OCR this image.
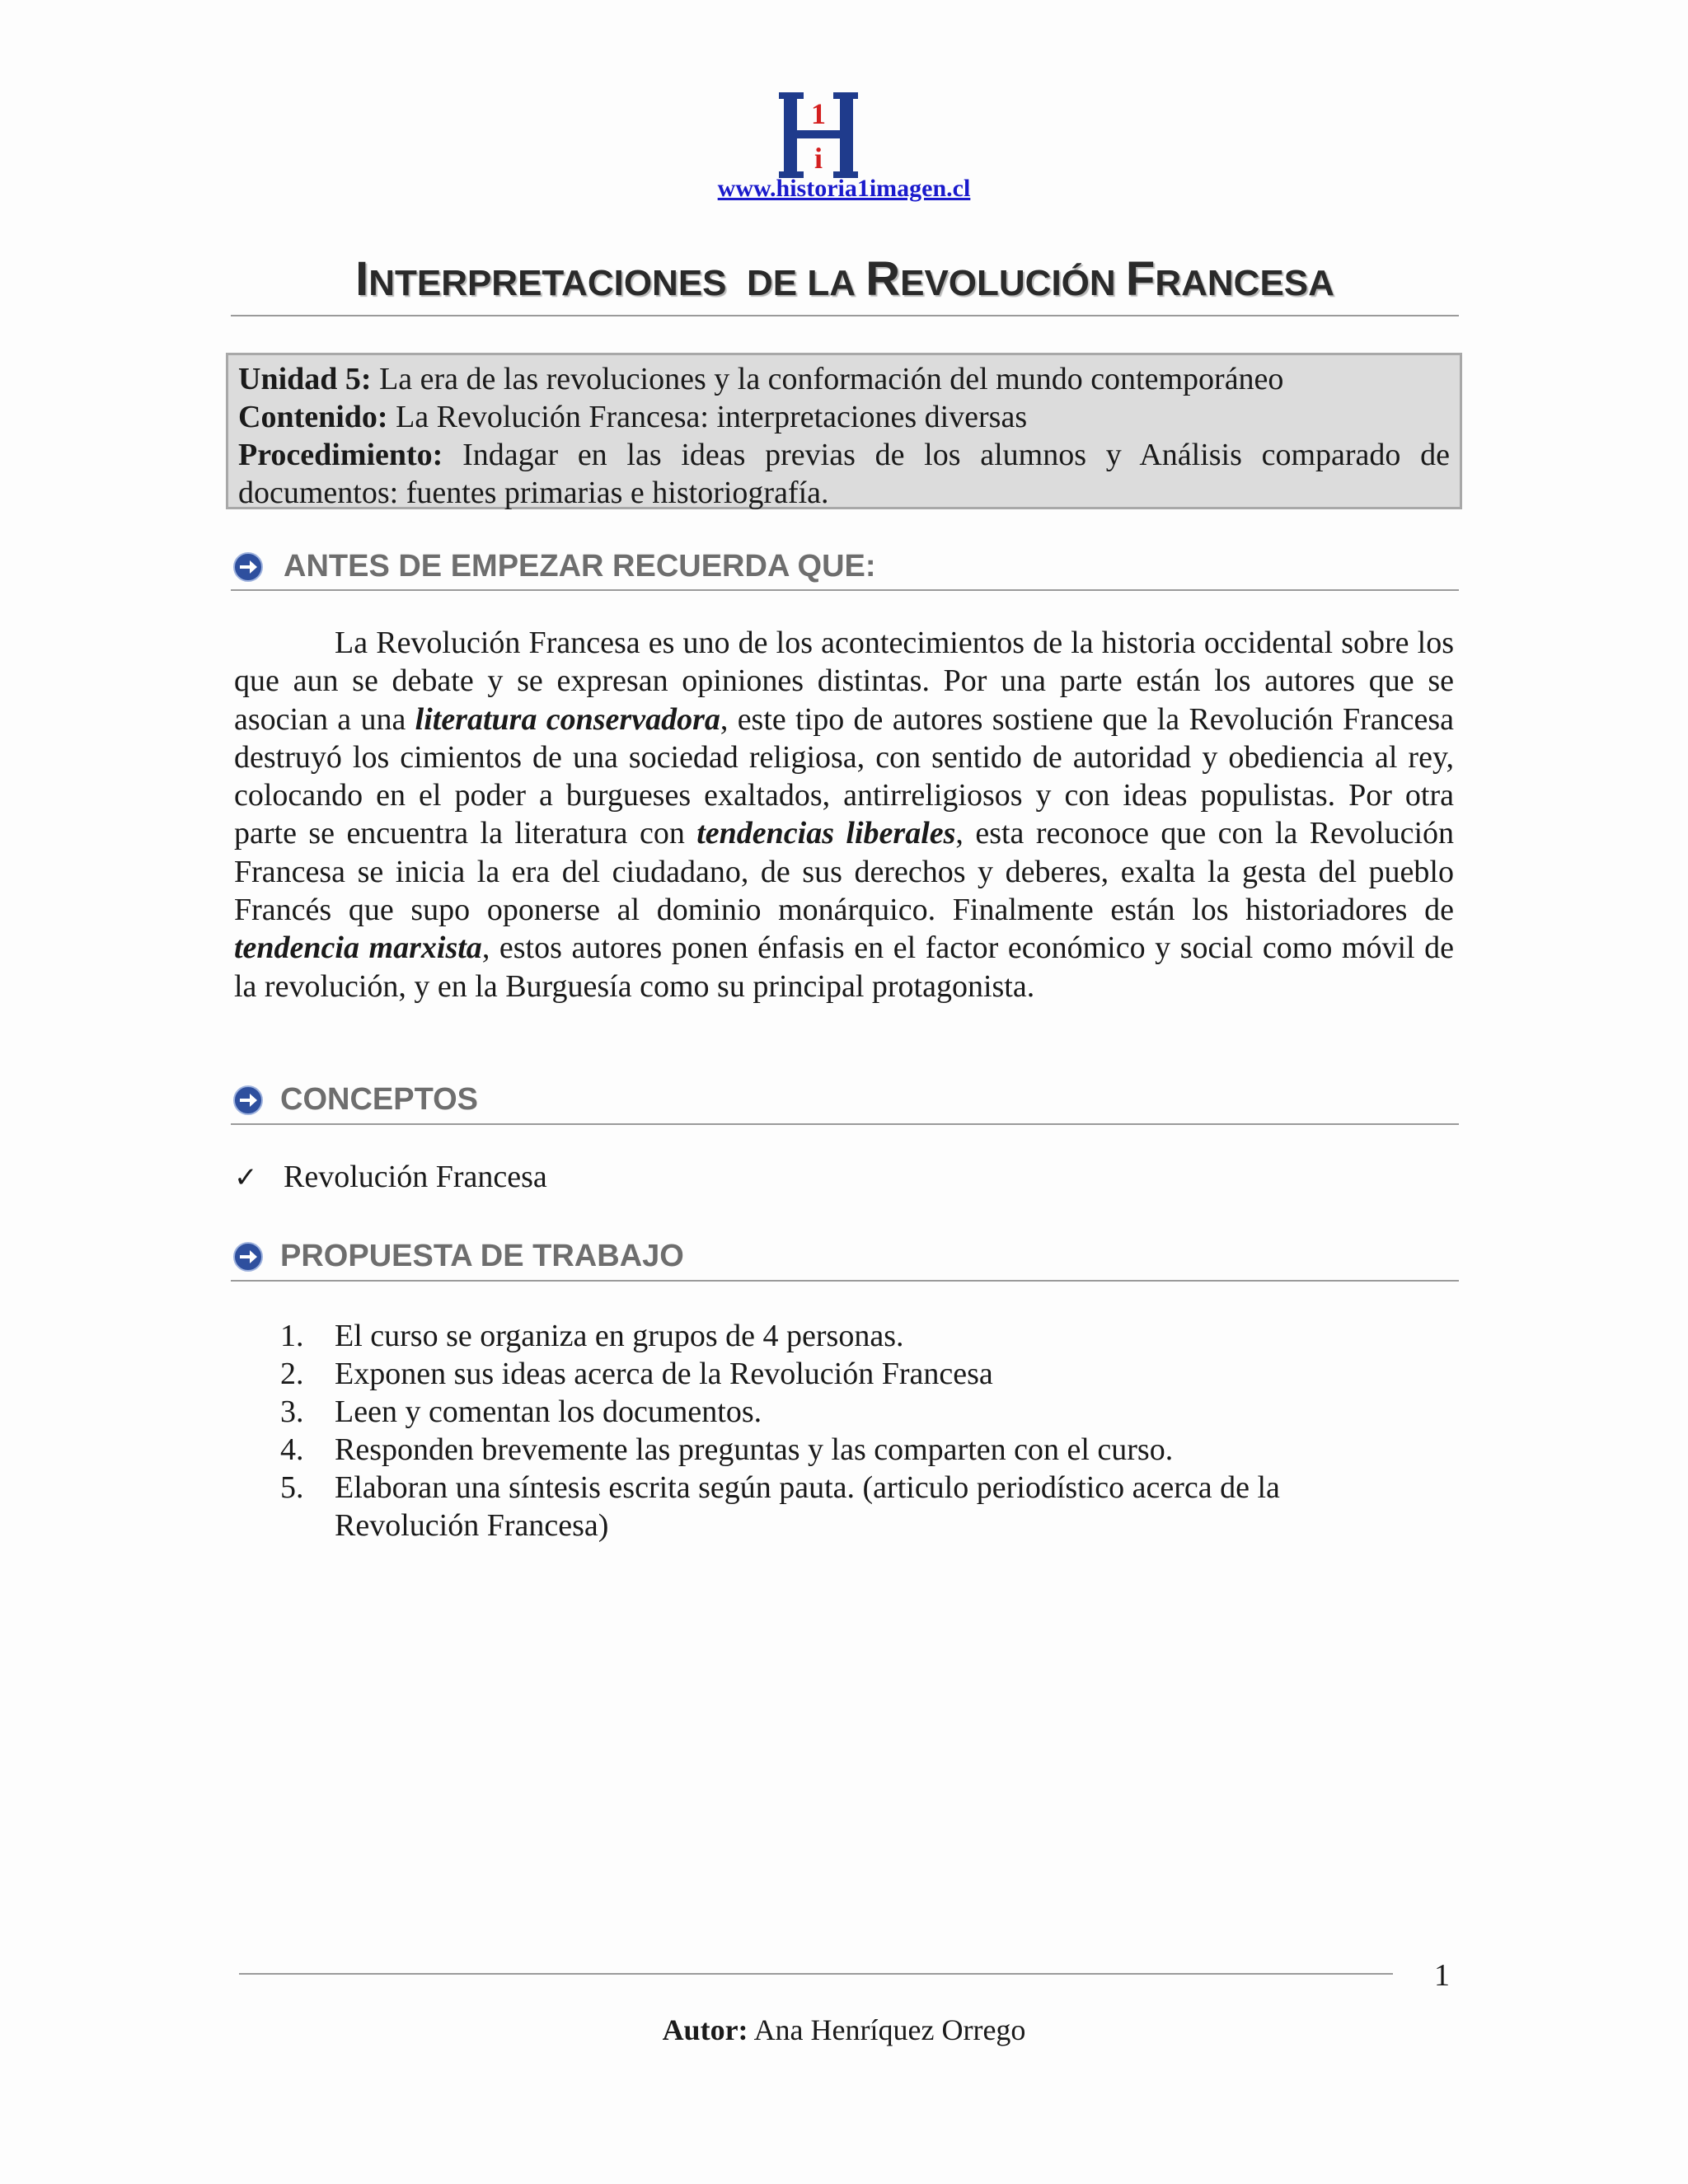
1
i
www.historia1imagen.cl
INTERPRETACIONES DE LA REVOLUCIÓN FRANCESA
Unidad 5: La era de las revoluciones y la conformación del mundo contemporáneo
Contenido: La Revolución Francesa: interpretaciones diversas
Procedimiento: Indagar en las ideas previas de los alumnos y Análisis comparado de documentos: fuentes primarias e historiografía.
ANTES DE EMPEZAR RECUERDA QUE:

La Revolución Francesa es uno de los acontecimientos de la historia occidental sobre los que aun se debate y se expresan opiniones distintas. Por una parte están los autores que se asocian a una literatura conservadora, este tipo de autores sostiene que la Revolución Francesa destruyó los cimientos de una sociedad religiosa, con sentido de autoridad y obediencia al rey, colocando en el poder a burgueses exaltados, antirreligiosos y con ideas populistas. Por otra parte se encuentra la literatura con tendencias liberales, esta reconoce que con la Revolución Francesa se inicia la era del ciudadano, de sus derechos y deberes, exalta la gesta del pueblo Francés que supo oponerse al dominio monárquico. Finalmente están los historiadores de tendencia marxista, estos autores ponen énfasis en el factor económico y social como móvil de la revolución, y en la Burguesía como su principal protagonista.

CONCEPTOS
✓ Revolución Francesa
PROPUESTA DE TRABAJO
1. El curso se organiza en grupos de 4 personas.
2. Exponen sus ideas acerca de la Revolución Francesa
3. Leen y comentan los documentos.
4. Responden brevemente las preguntas y las comparten con el curso.
5. Elaboran una síntesis escrita según pauta. (articulo periodístico acerca de la Revolución Francesa)
1
Autor: Ana Henríquez Orrego
